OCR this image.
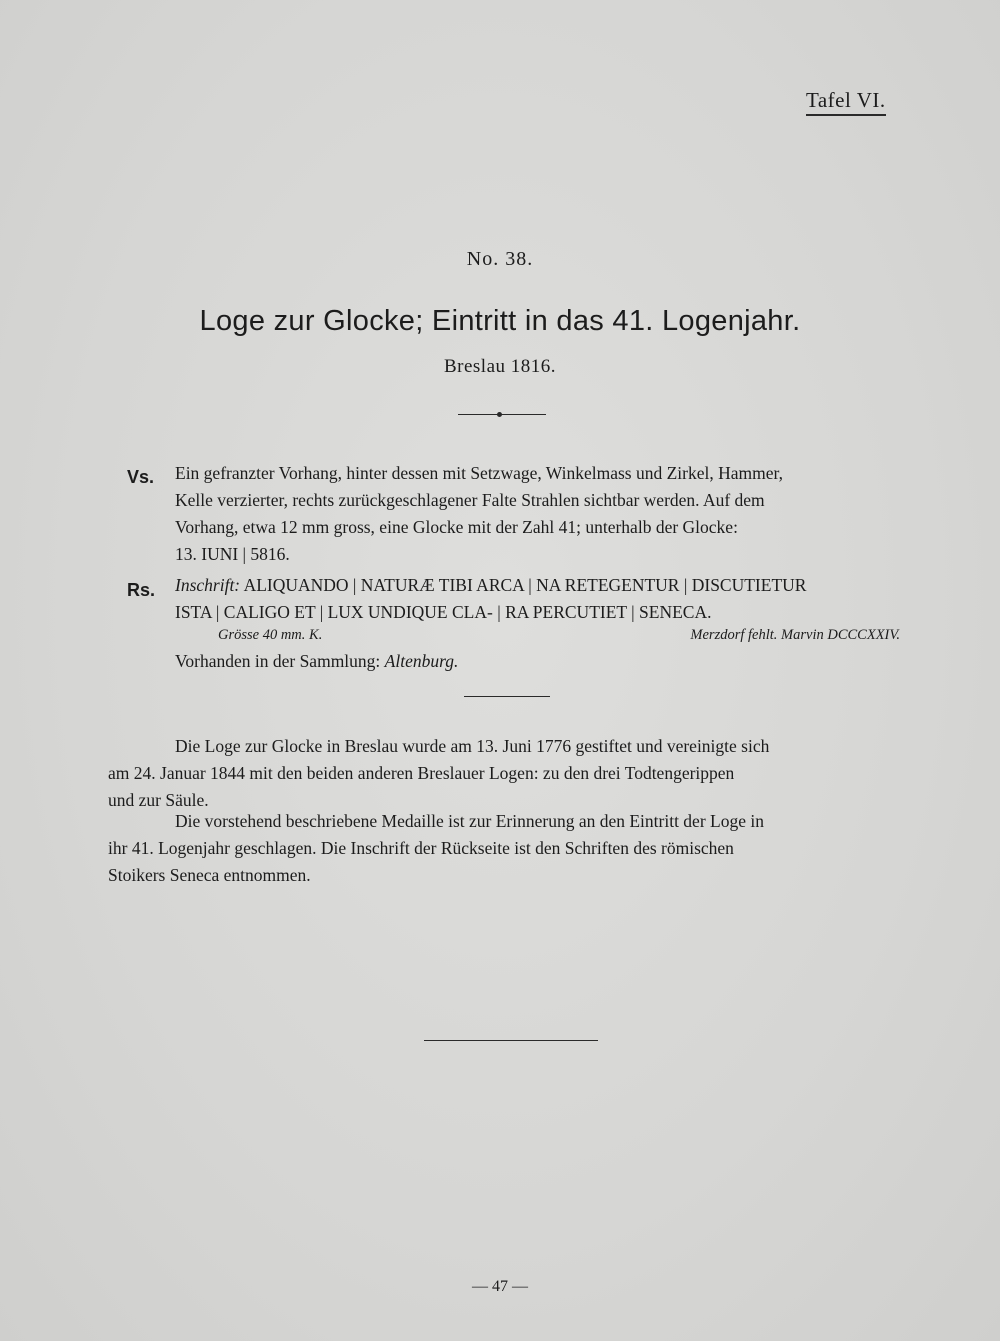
Tafel VI.
No. 38.
Loge zur Glocke; Eintritt in das 41. Logenjahr.
Breslau 1816.
Vs. Ein gefranzter Vorhang, hinter dessen mit Setzwage, Winkelmass und Zirkel, Hammer,
Kelle verzierter, rechts zurückgeschlagener Falte Strahlen sichtbar werden. Auf dem
Vorhang, etwa 12 mm gross, eine Glocke mit der Zahl 41; unterhalb der Glocke:
13. IUNI | 5816.
Rs. Inschrift: ALIQUANDO | NATURÆ TIBI ARCA | NA RETEGENTUR | DISCUTIETUR
ISTA | CALIGO ET | LUX UNDIQUE CLA- | RA PERCUTIET | SENECA.
Grösse 40 mm. K.	Merzdorf fehlt. Marvin DCCCXXIV.
Vorhanden in der Sammlung: Altenburg.
Die Loge zur Glocke in Breslau wurde am 13. Juni 1776 gestiftet und vereinigte sich
am 24. Januar 1844 mit den beiden anderen Breslauer Logen: zu den drei Todtengerippen
und zur Säule.
Die vorstehend beschriebene Medaille ist zur Erinnerung an den Eintritt der Loge in
ihr 41. Logenjahr geschlagen. Die Inschrift der Rückseite ist den Schriften des römischen
Stoikers Seneca entnommen.
— 47 —
